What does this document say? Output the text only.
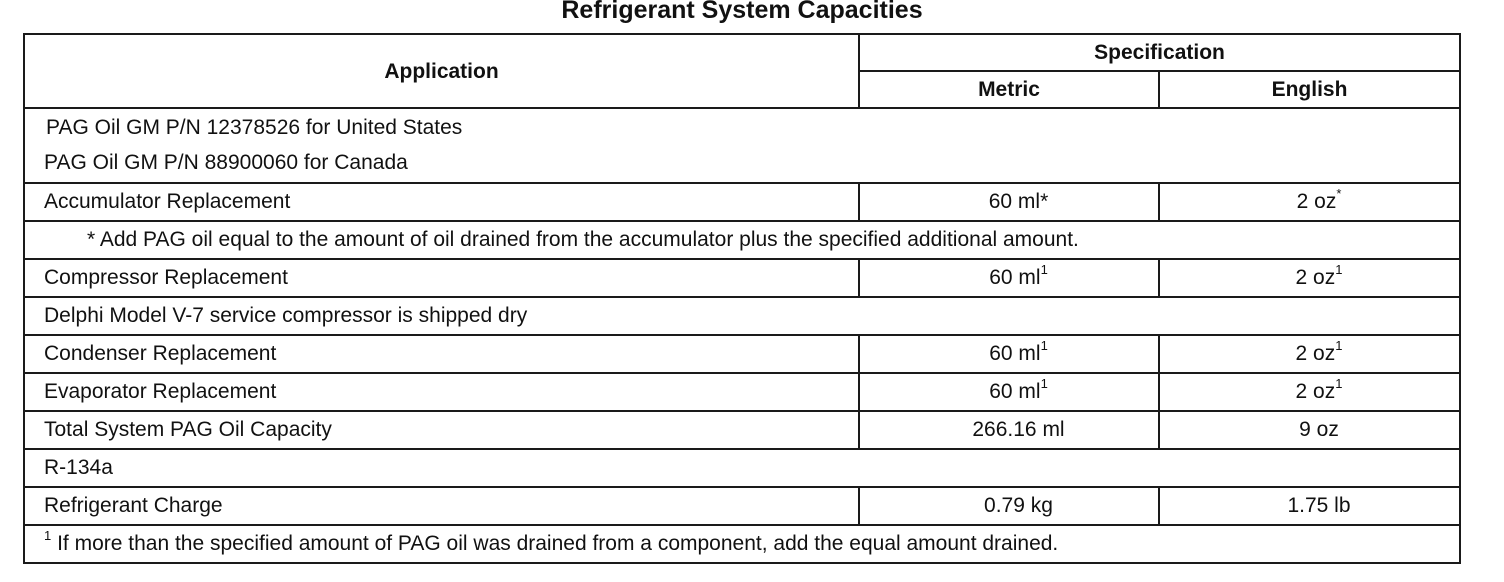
Refrigerant System Capacities
Application	Specification	
	Metric	English

PAG Oil GM P/N 12378526 for United States
PAG Oil GM P/N 88900060 for Canada		

Accumulator Replacement	60 ml*	2 oz*
* Add PAG oil equal to the amount of oil drained from the accumulator plus the specified additional amount.		
Compressor Replacement	60 $ml^1$	2 $oz^1$
Delphi Model V-7 service compressor is shipped dry		
Condenser Replacement	60 $ml^1$	2 $oz^1$
Evaporator Replacement	60 $ml^1$	2 $oz^1$
Total System PAG Oil Capacity	266.16 ml	9 oz
R-134a		
Refrigerant Charge	0.79 kg	1.75 lb
$^1$ If more than the specified amount of PAG oil was drained from a component, add the equal amount drained.		
